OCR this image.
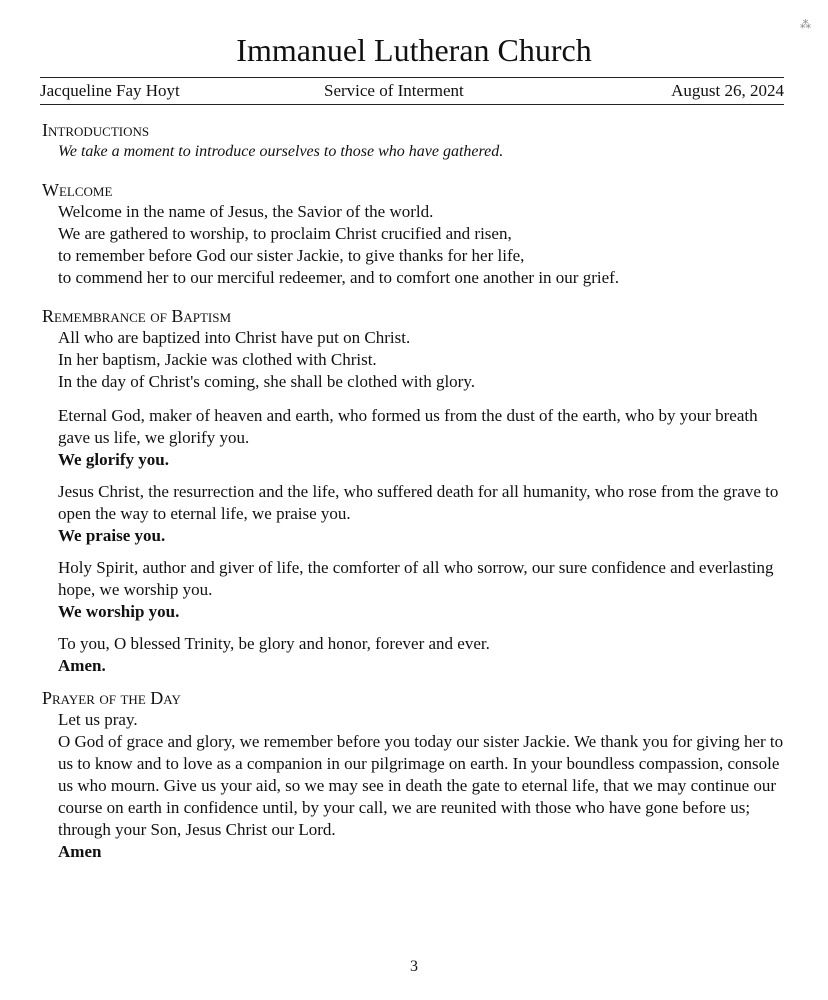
Immanuel Lutheran Church
Jacqueline Fay Hoyt	Service of Interment	August 26, 2024

Introductions

We take a moment to introduce ourselves to those who have gathered.

Welcome

Welcome in the name of Jesus, the Savior of the world.
We are gathered to worship, to proclaim Christ crucified and risen,
to remember before God our sister Jackie, to give thanks for her life,
to commend her to our merciful redeemer, and to comfort one another in our grief.

Remembrance of Baptism

All who are baptized into Christ have put on Christ.
In her baptism, Jackie was clothed with Christ.
In the day of Christ's coming, she shall be clothed with glory.
Eternal God, maker of heaven and earth, who formed us from the dust of the earth, who by your breath gave us life, we glorify you.
We glorify you.
Jesus Christ, the resurrection and the life, who suffered death for all humanity, who rose from the grave to open the way to eternal life, we praise you.
We praise you.
Holy Spirit, author and giver of life, the comforter of all who sorrow, our sure confidence and everlasting hope, we worship you.
We worship you.
To you, O blessed Trinity, be glory and honor, forever and ever.
Amen.

Prayer of the Day

Let us pray.
O God of grace and glory, we remember before you today our sister Jackie. We thank you for giving her to us to know and to love as a companion in our pilgrimage on earth. In your boundless compassion, console us who mourn. Give us your aid, so we may see in death the gate to eternal life, that we may continue our course on earth in confidence until, by your call, we are reunited with those who have gone before us; through your Son, Jesus Christ our Lord.
Amen
3
⁂
